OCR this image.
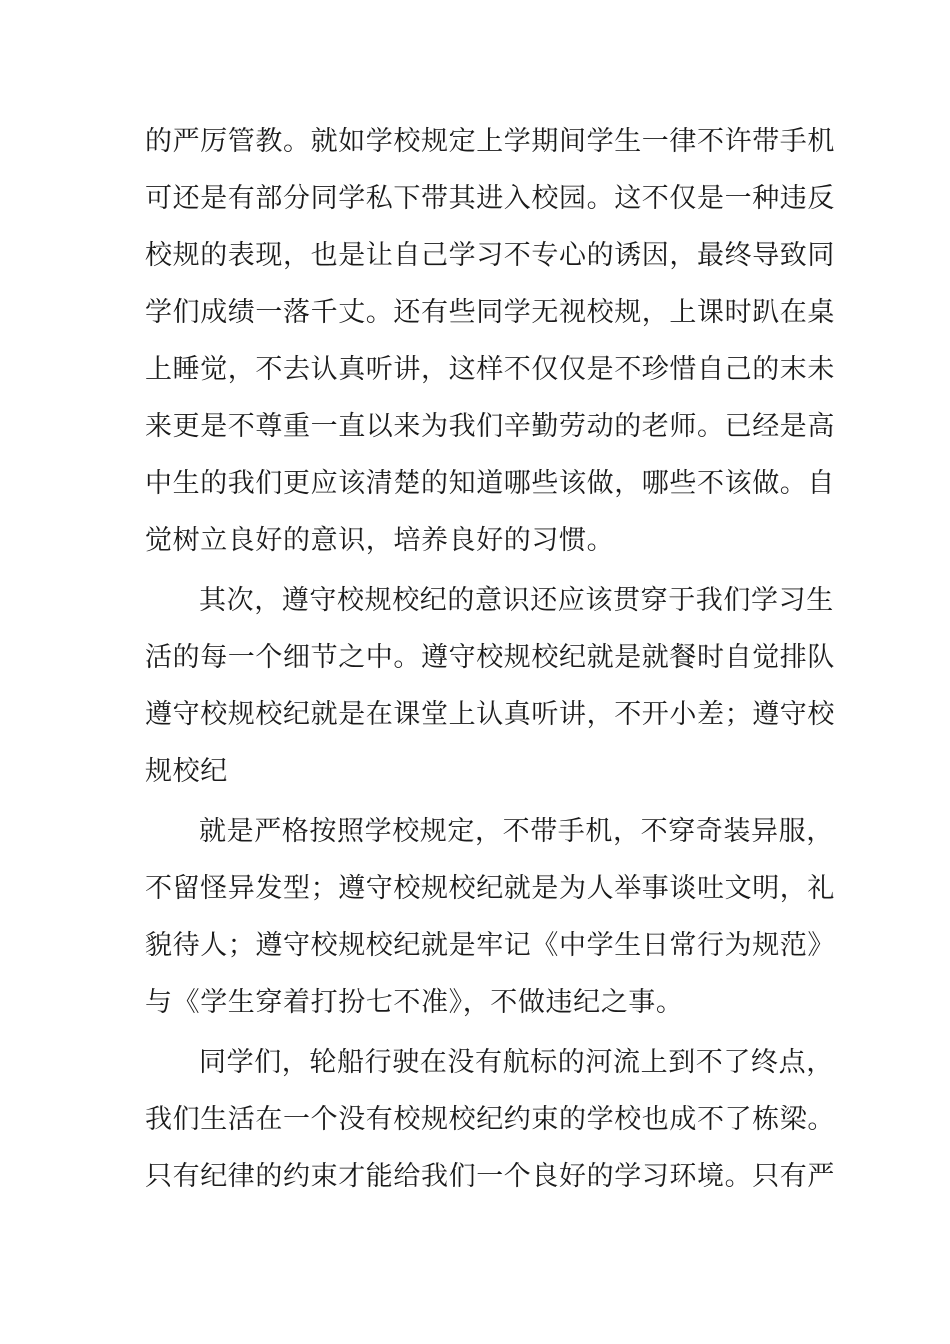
的严厉管教。就如学校规定上学期间学生一律不许带手机
可还是有部分同学私下带其进入校园。这不仅是一种违反
校规的表现，也是让自己学习不专心的诱因，最终导致同
学们成绩一落千丈。还有些同学无视校规，上课时趴在桌
上睡觉，不去认真听讲，这样不仅仅是不珍惜自己的末未
来更是不尊重一直以来为我们辛勤劳动的老师。已经是高
中生的我们更应该清楚的知道哪些该做，哪些不该做。自
觉树立良好的意识，培养良好的习惯。
其次，遵守校规校纪的意识还应该贯穿于我们学习生
活的每一个细节之中。遵守校规校纪就是就餐时自觉排队
遵守校规校纪就是在课堂上认真听讲，不开小差；遵守校
规校纪
就是严格按照学校规定，不带手机，不穿奇装异服，
不留怪异发型；遵守校规校纪就是为人举事谈吐文明，礼
貌待人；遵守校规校纪就是牢记《中学生日常行为规范》
与《学生穿着打扮七不准》，不做违纪之事。
同学们，轮船行驶在没有航标的河流上到不了终点，
我们生活在一个没有校规校纪约束的学校也成不了栋梁。
只有纪律的约束才能给我们一个良好的学习环境。只有严
